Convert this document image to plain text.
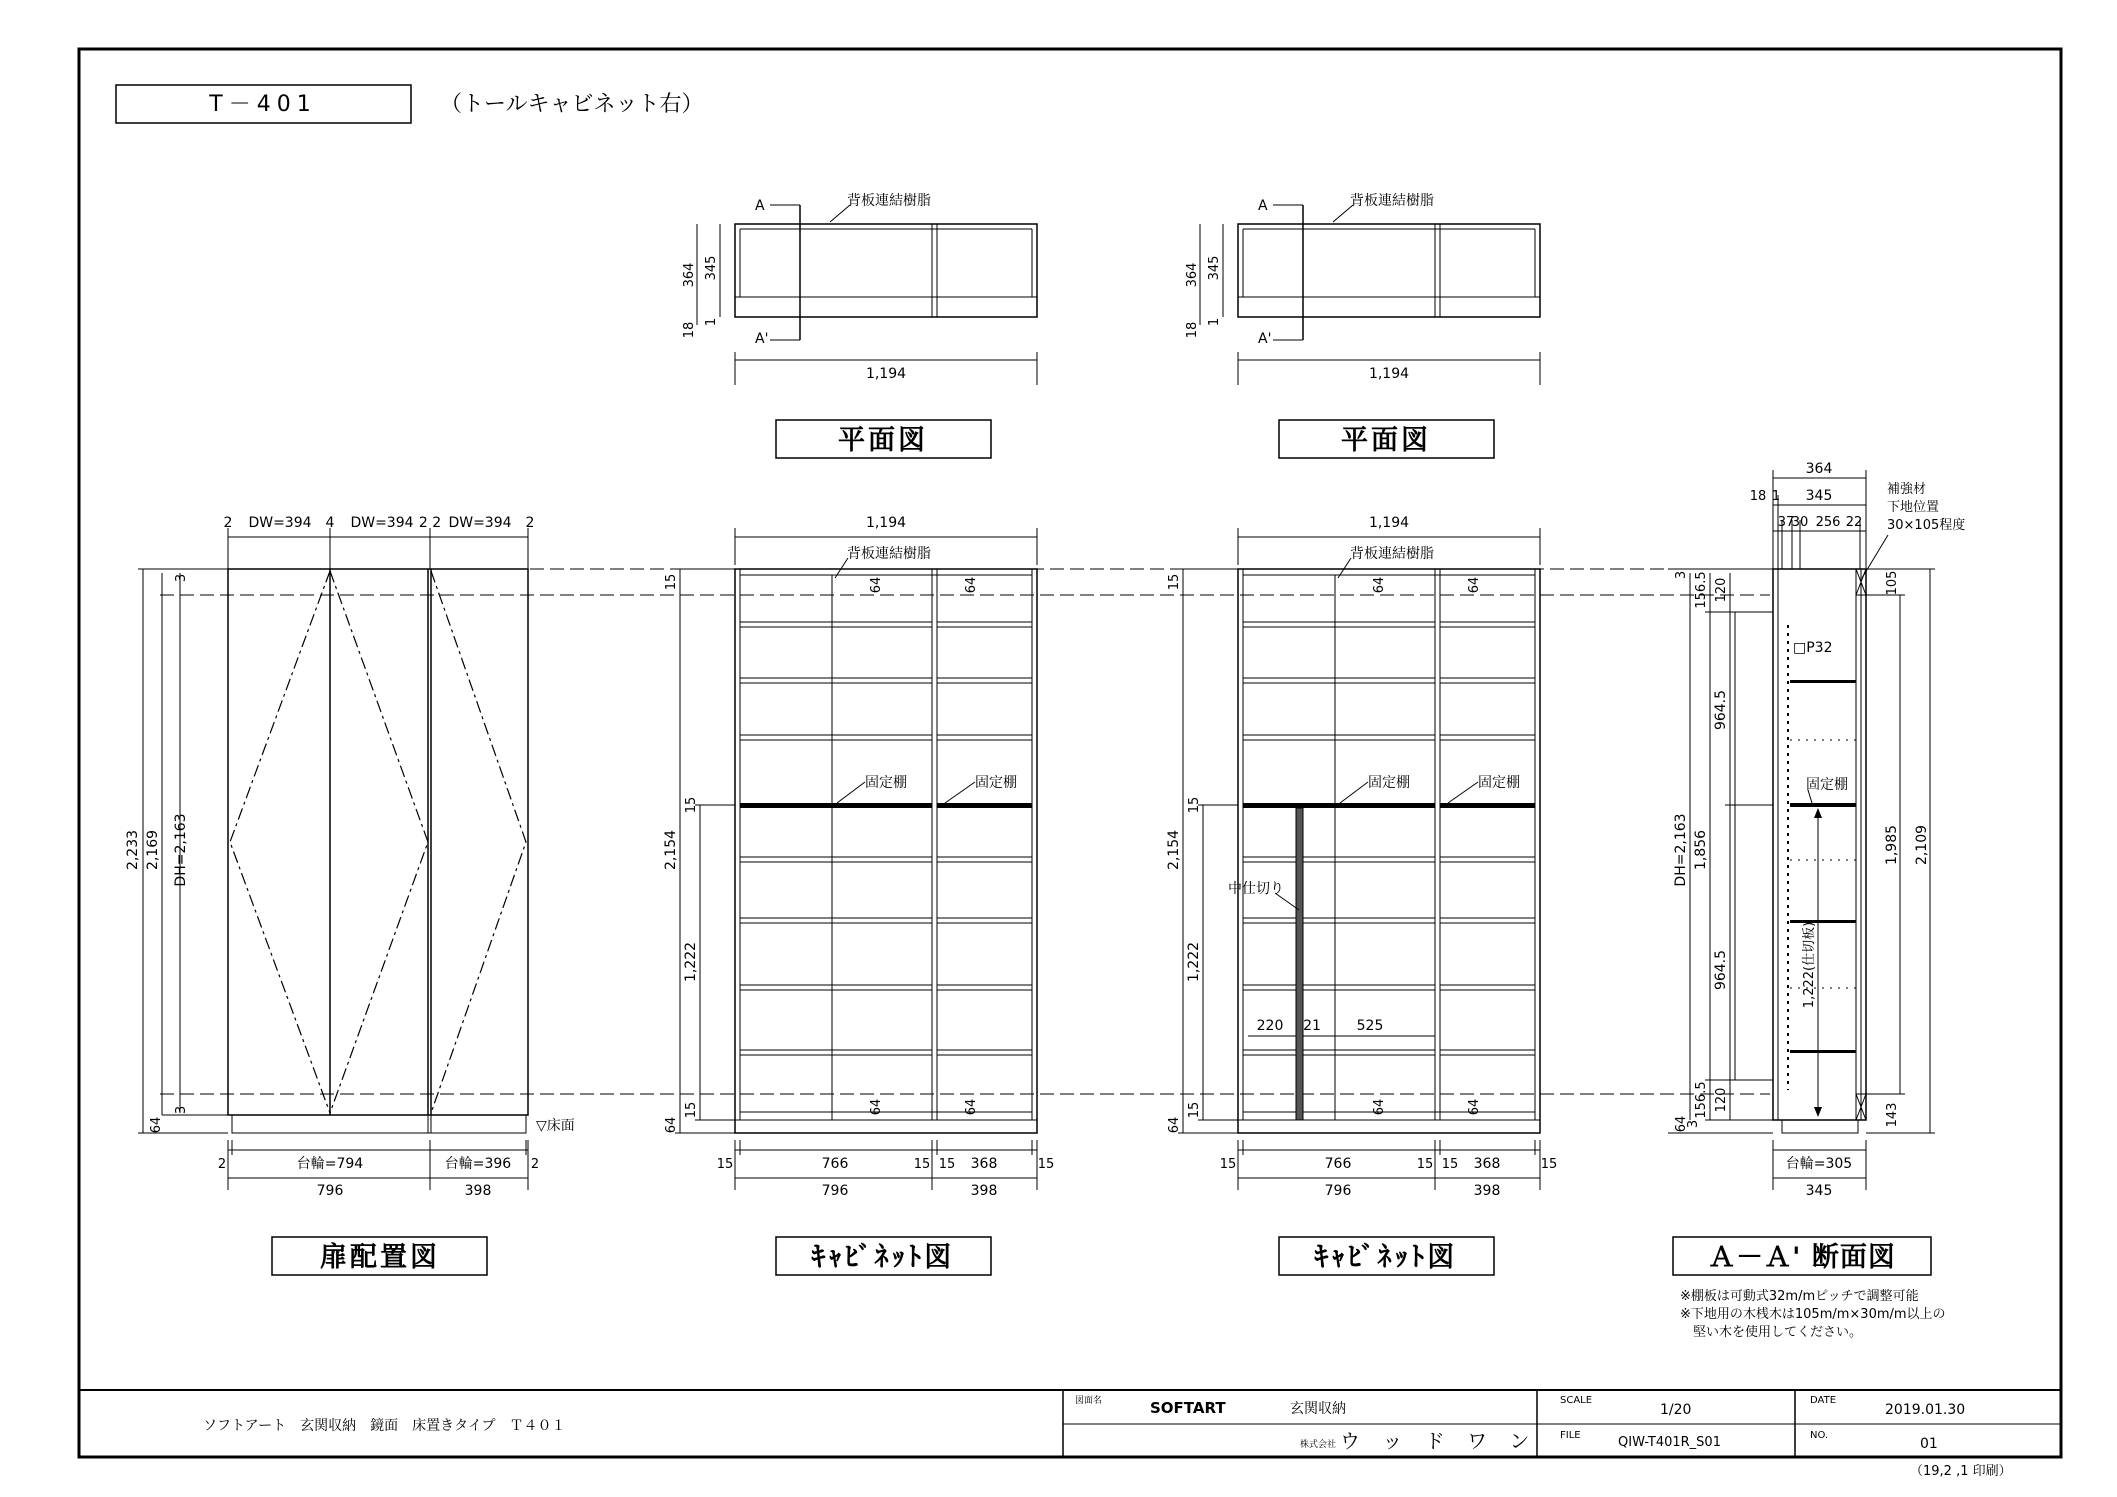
T－401	（トールキャビネット右）
A
A'
背板連結樹脂
1,194
364 345
18 1
平面図
A
A'
背板連結樹脂
1,194
364 345
18 1
平面図
2 DW=394 4 DW=394 2 2 DW=394 2
2,233 2,169 DH=2,163
3
3
64	▽床面
2	台輪=794	台輪=396 2
796	398
扉配置図
固定棚	固定棚
背板連結樹脂
64	64
64	64
1,194
2,154
1,222
15
15
15
64
15	766	15 15 368	15
796	398
ｷｬﾋﾞﾈｯﾄ図
中仕切り
220 21	525
固定棚	固定棚
背板連結樹脂
64	64
64	64
1,194
2,154
1,222
15
15
15
64
15	766	15 15 368	15
796	398
ｷｬﾋﾞﾈｯﾄ図
1,222(仕切板)
□P32
固定棚
364
18 1 345
37
30 256 22
補強材
下地位置
30×105程度
DH=2,163 1,856
964.5
964.5
156.5 120
156.5 120
3
64
3
105
1,985 2,109
143
台輪=305
345
Ａ－Ａ' 断面図
※棚板は可動式32m/mピッチで調整可能
※下地用の木桟木は105m/m×30m/m以上の
堅い木を使用してください。
ソフトアート　玄関収納　鏡面　床置きタイプ　Ｔ４０１
図面名	SOFTART	玄関収納
株式会社 ウ ッ ド ワ ン
SCALE
1/20
FILE	QIW-T401R_S01
DATE
2019.01.30
NO.
01
（19,2 ,1 印刷）
